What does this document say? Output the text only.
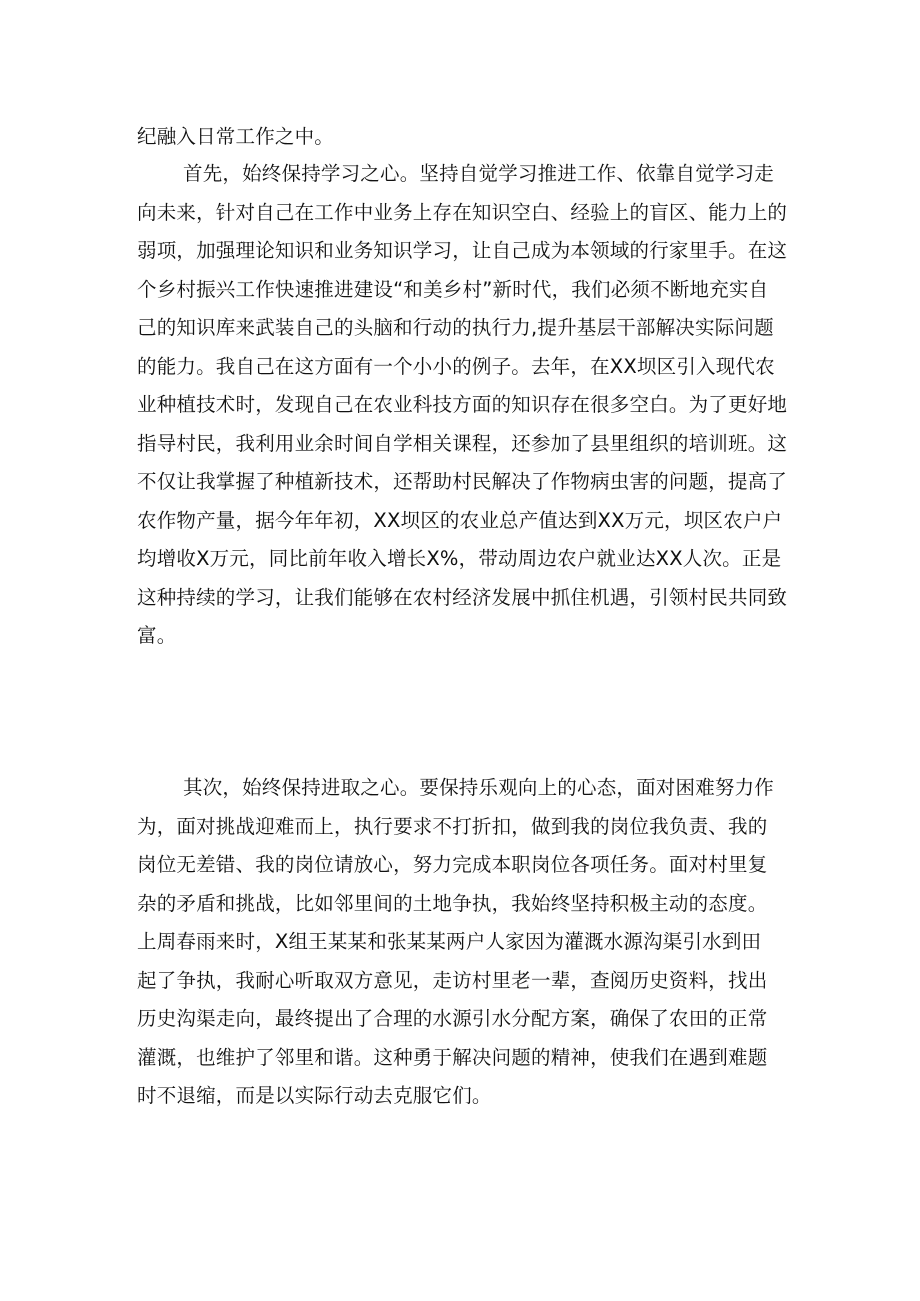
纪融入日常工作之中。

首先，始终保持学习之心。坚持自觉学习推进工作、依靠自觉学习走
向未来，针对自己在工作中业务上存在知识空白、经验上的盲区、能力上的
弱项，加强理论知识和业务知识学习，让自己成为本领域的行家里手。在这
个乡村振兴工作快速推进建设“和美乡村”新时代，我们必须不断地充实自
己的知识库来武装自己的头脑和行动的执行力,提升基层干部解决实际问题
的能力。我自己在这方面有一个小小的例子。去年，在XX坝区引入现代农
业种植技术时，发现自己在农业科技方面的知识存在很多空白。为了更好地
指导村民，我利用业余时间自学相关课程，还参加了县里组织的培训班。这
不仅让我掌握了种植新技术，还帮助村民解决了作物病虫害的问题，提高了
农作物产量，据今年年初，XX坝区的农业总产值达到XX万元，坝区农户户
均增收X万元，同比前年收入增长X%，带动周边农户就业达XX人次。正是
这种持续的学习，让我们能够在农村经济发展中抓住机遇，引领村民共同致
富。

其次，始终保持进取之心。要保持乐观向上的心态，面对困难努力作
为，面对挑战迎难而上，执行要求不打折扣，做到我的岗位我负责、我的
岗位无差错、我的岗位请放心，努力完成本职岗位各项任务。面对村里复
杂的矛盾和挑战，比如邻里间的土地争执，我始终坚持积极主动的态度。
上周春雨来时，X组王某某和张某某两户人家因为灌溉水源沟渠引水到田
起了争执，我耐心听取双方意见，走访村里老一辈，查阅历史资料，找出
历史沟渠走向，最终提出了合理的水源引水分配方案，确保了农田的正常
灌溉，也维护了邻里和谐。这种勇于解决问题的精神，使我们在遇到难题
时不退缩，而是以实际行动去克服它们。
